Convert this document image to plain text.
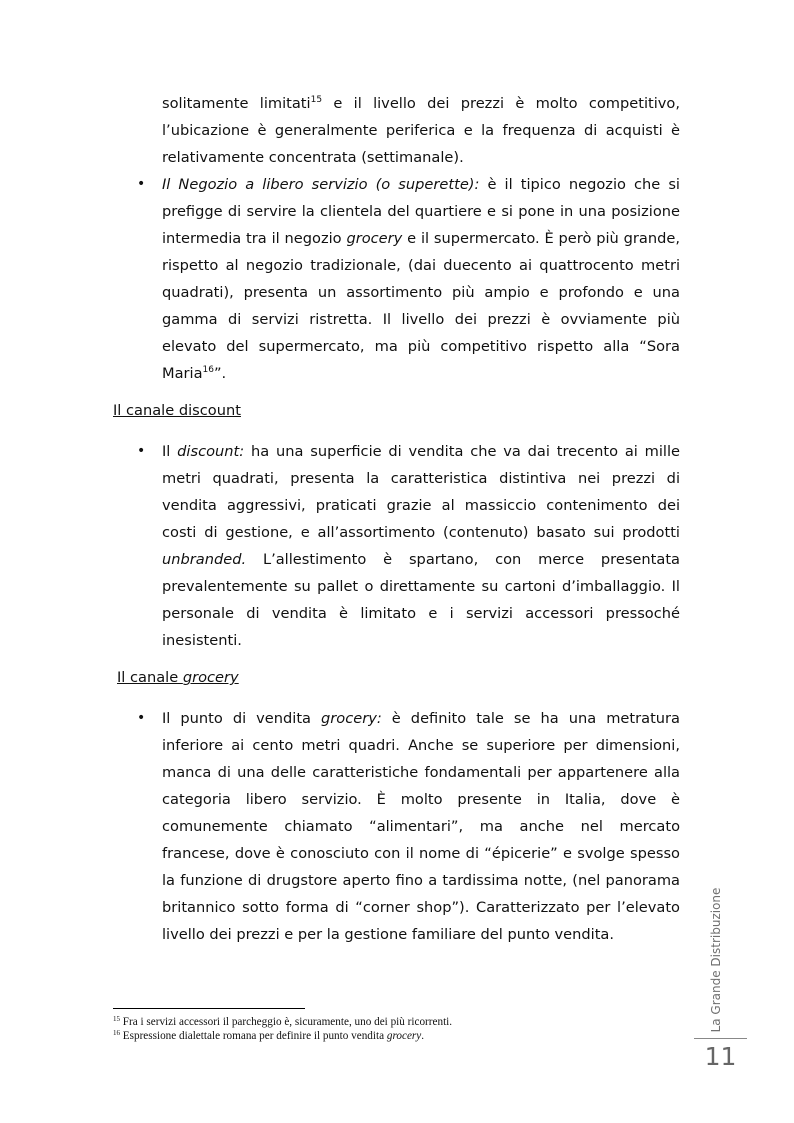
solitamente limitati$^{15}$ e il livello dei prezzi è molto competitivo, l’ubicazione è generalmente periferica e la frequenza di acquisti è relativamente concentrata (settimanale).

• Il Negozio a libero servizio (o superette): è il tipico negozio che si prefigge di servire la clientela del quartiere e si pone in una posizione intermedia tra il negozio grocery e il supermercato. È però più grande, rispetto al negozio tradizionale, (dai duecento ai quattrocento metri quadrati), presenta un assortimento più ampio e profondo e una gamma di servizi ristretta. Il livello dei prezzi è ovviamente più elevato del supermercato, ma più competitivo rispetto alla “Sora Maria$^{16}$”.

Il canale discount

• Il discount: ha una superficie di vendita che va dai trecento ai mille metri quadrati, presenta la caratteristica distintiva nei prezzi di vendita aggressivi, praticati grazie al massiccio contenimento dei costi di gestione, e all’assortimento (contenuto) basato sui prodotti unbranded. L’allestimento è spartano, con merce presentata prevalentemente su pallet o direttamente su cartoni d’imballaggio. Il personale di vendita è limitato e i servizi accessori pressoché inesistenti.

Il canale grocery

• Il punto di vendita grocery: è definito tale se ha una metratura inferiore ai cento metri quadri. Anche se superiore per dimensioni, manca di una delle caratteristiche fondamentali per appartenere alla categoria libero servizio. È molto presente in Italia, dove è comunemente chiamato “alimentari”, ma anche nel mercato francese, dove è conosciuto con il nome di “épicerie” e svolge spesso la funzione di drugstore aperto fino a tardissima notte, (nel panorama britannico sotto forma di “corner shop”). Caratterizzato per l’elevato livello dei prezzi e per la gestione familiare del punto vendita.

$^{15}$ Fra i servizi accessori il parcheggio è, sicuramente, uno dei più ricorrenti.

$^{16}$ Espressione dialettale romana per definire il punto vendita grocery.

La Grande Distribuzione
11
